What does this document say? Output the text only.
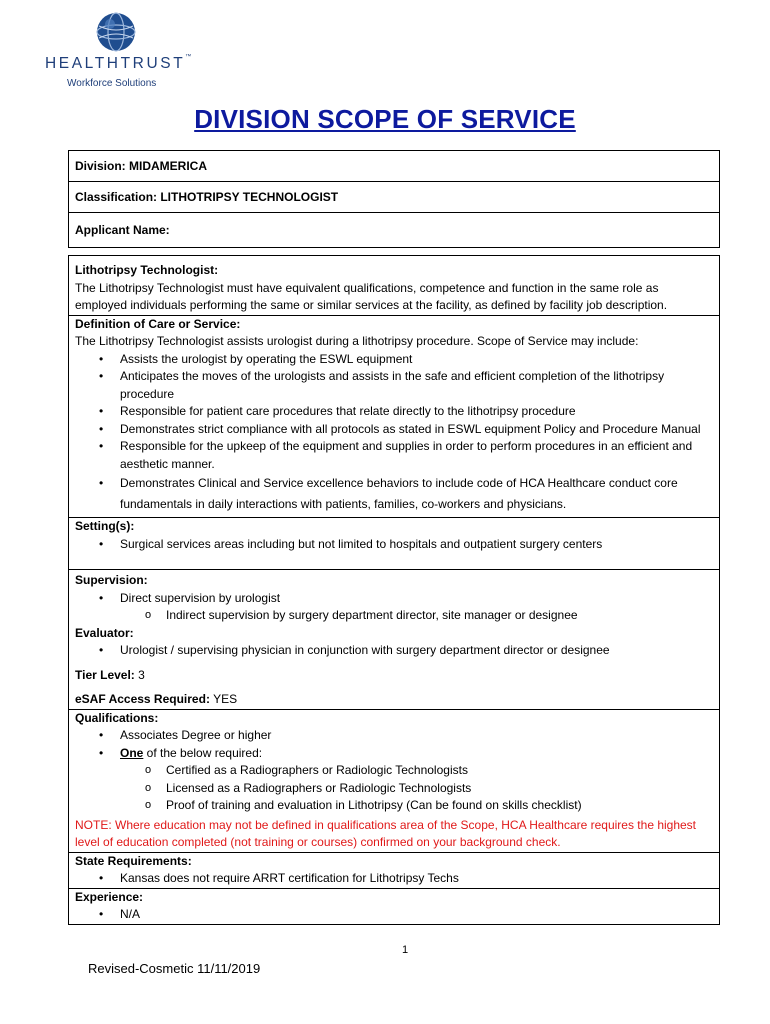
HEALTHTRUST™
Workforce Solutions
DIVISION SCOPE OF SERVICE
Division: MIDAMERICA
Classification: LITHOTRIPSY TECHNOLOGIST
Applicant Name:
Lithotripsy Technologist:
The Lithotripsy Technologist must have equivalent qualifications, competence and function in the same role as employed individuals performing the same or similar services at the facility, as defined by facility job description.
Definition of Care or Service:
The Lithotripsy Technologist assists urologist during a lithotripsy procedure. Scope of Service may include:
• Assists the urologist by operating the ESWL equipment
• Anticipates the moves of the urologists and assists in the safe and efficient completion of the lithotripsy procedure
• Responsible for patient care procedures that relate directly to the lithotripsy procedure
• Demonstrates strict compliance with all protocols as stated in ESWL equipment Policy and Procedure Manual
• Responsible for the upkeep of the equipment and supplies in order to perform procedures in an efficient and aesthetic manner.
• Demonstrates Clinical and Service excellence behaviors to include code of HCA Healthcare conduct core fundamentals in daily interactions with patients, families, co-workers and physicians.
Setting(s):
• Surgical services areas including but not limited to hospitals and outpatient surgery centers
Supervision:
• Direct supervision by urologist
o Indirect supervision by surgery department director, site manager or designee
Evaluator:
• Urologist / supervising physician in conjunction with surgery department director or designee
Tier Level: 3
eSAF Access Required: YES
Qualifications:
• Associates Degree or higher
• One of the below required:
o Certified as a Radiographers or Radiologic Technologists
o Licensed as a Radiographers or Radiologic Technologists
o Proof of training and evaluation in Lithotripsy (Can be found on skills checklist)
NOTE: Where education may not be defined in qualifications area of the Scope, HCA Healthcare requires the highest level of education completed (not training or courses) confirmed on your background check.
State Requirements:
• Kansas does not require ARRT certification for Lithotripsy Techs
Experience:
• N/A
1
Revised-Cosmetic 11/11/2019
